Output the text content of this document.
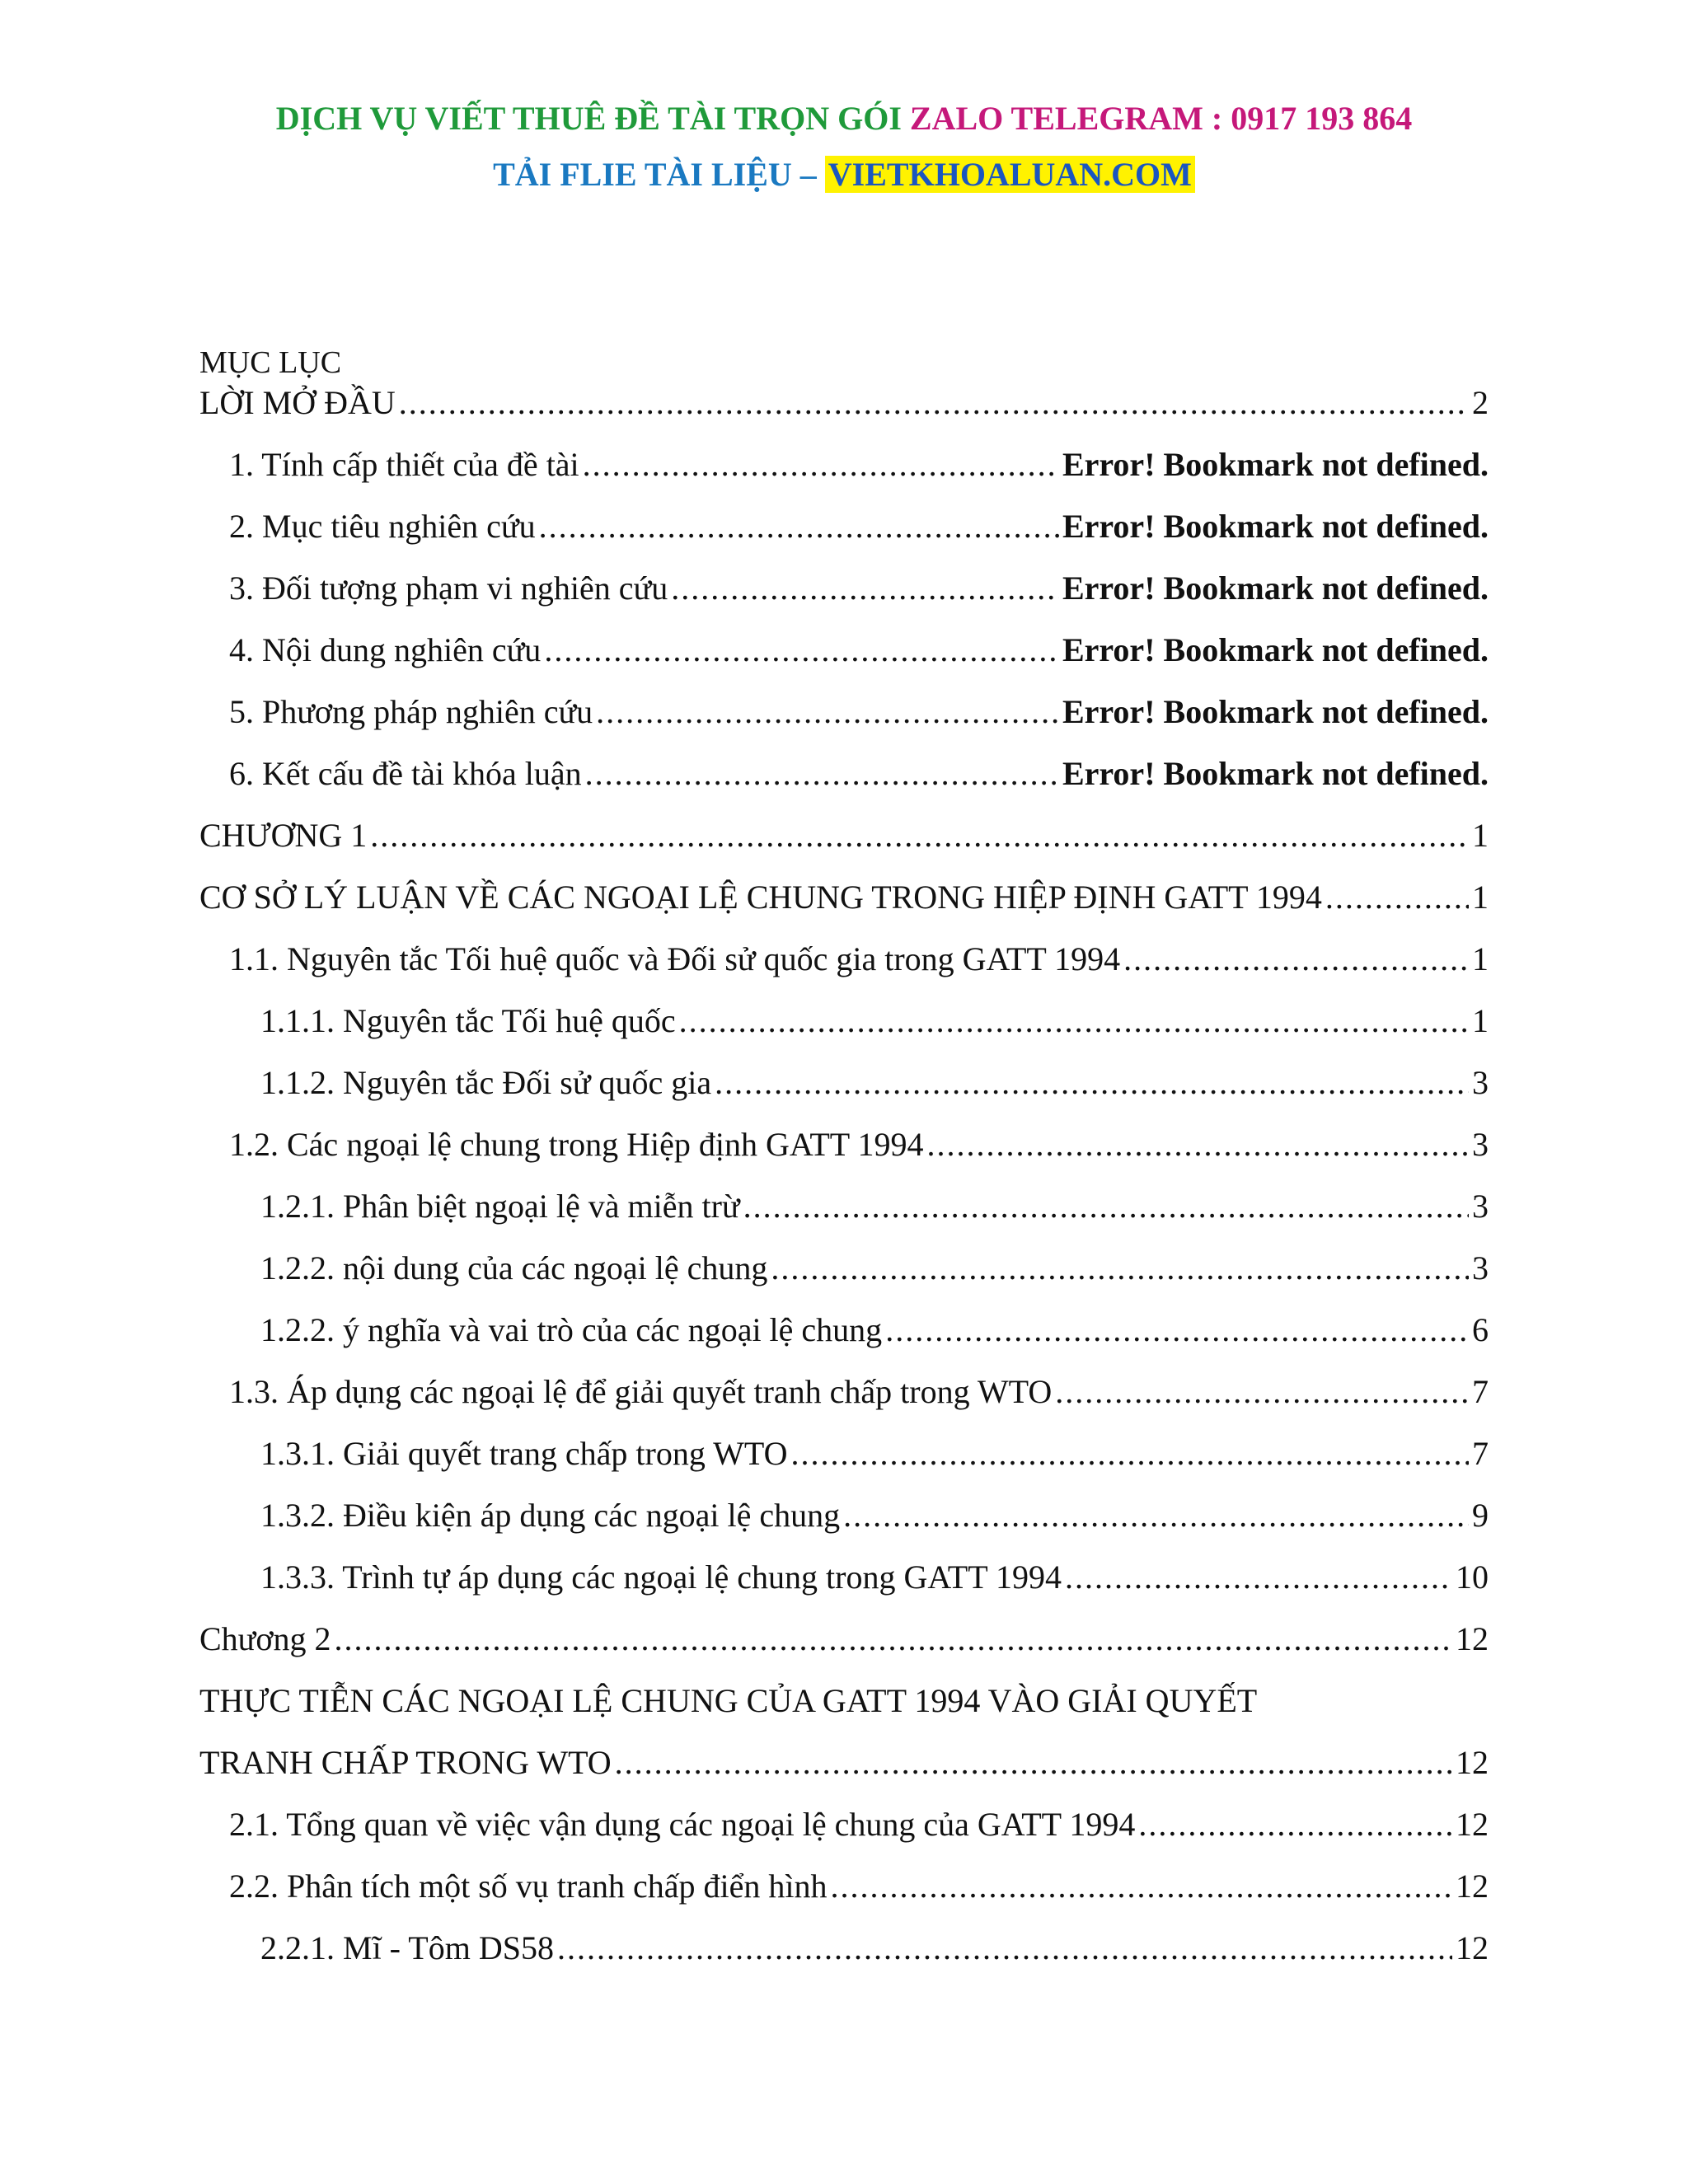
DỊCH VỤ VIẾT THUÊ ĐỀ TÀI TRỌN GÓI ZALO TELEGRAM : 0917 193 864
TẢI FLIE TÀI LIỆU – VIETKHOALUAN.COM
MỤC LỤC
LỜI MỞ ĐẦU .....	2
1. Tính cấp thiết của đề tài .....	Error! Bookmark not defined.
2. Mục tiêu nghiên cứu .....	Error! Bookmark not defined.
3. Đối tượng phạm vi nghiên cứu .....	Error! Bookmark not defined.
4. Nội dung nghiên cứu .....	Error! Bookmark not defined.
5. Phương pháp nghiên cứu .....	Error! Bookmark not defined.
6. Kết cấu đề tài khóa luận .....	Error! Bookmark not defined.
CHƯƠNG 1 .....	1
CƠ SỞ LÝ LUẬN VỀ CÁC NGOẠI LỆ CHUNG TRONG HIỆP ĐỊNH GATT 1994 .....	1
1.1. Nguyên tắc Tối huệ quốc và Đối sử quốc gia trong GATT 1994 .....	1
1.1.1. Nguyên tắc Tối huệ quốc .....	1
1.1.2. Nguyên tắc Đối sử quốc gia .....	3
1.2. Các ngoại lệ chung trong Hiệp định GATT 1994 .....	3
1.2.1. Phân biệt ngoại lệ và miễn trừ .....	3
1.2.2. nội dung của các ngoại lệ chung .....	3
1.2.2. ý nghĩa và vai trò của các ngoại lệ chung .....	6
1.3. Áp dụng các ngoại lệ để giải quyết tranh chấp trong WTO .....	7
1.3.1. Giải quyết trang chấp trong WTO .....	7
1.3.2. Điều kiện áp dụng các ngoại lệ chung .....	9
1.3.3. Trình tự áp dụng các ngoại lệ chung trong GATT 1994 .....	10
Chương 2 .....	12
THỰC TIỄN CÁC NGOẠI LỆ CHUNG CỦA GATT 1994 VÀO GIẢI QUYẾT
TRANH CHẤP TRONG WTO .....	12
2.1. Tổng quan về việc vận dụng các ngoại lệ chung của GATT 1994 .....	12
2.2. Phân tích một số vụ tranh chấp điển hình .....	12
2.2.1. Mĩ - Tôm DS58 .....	12
